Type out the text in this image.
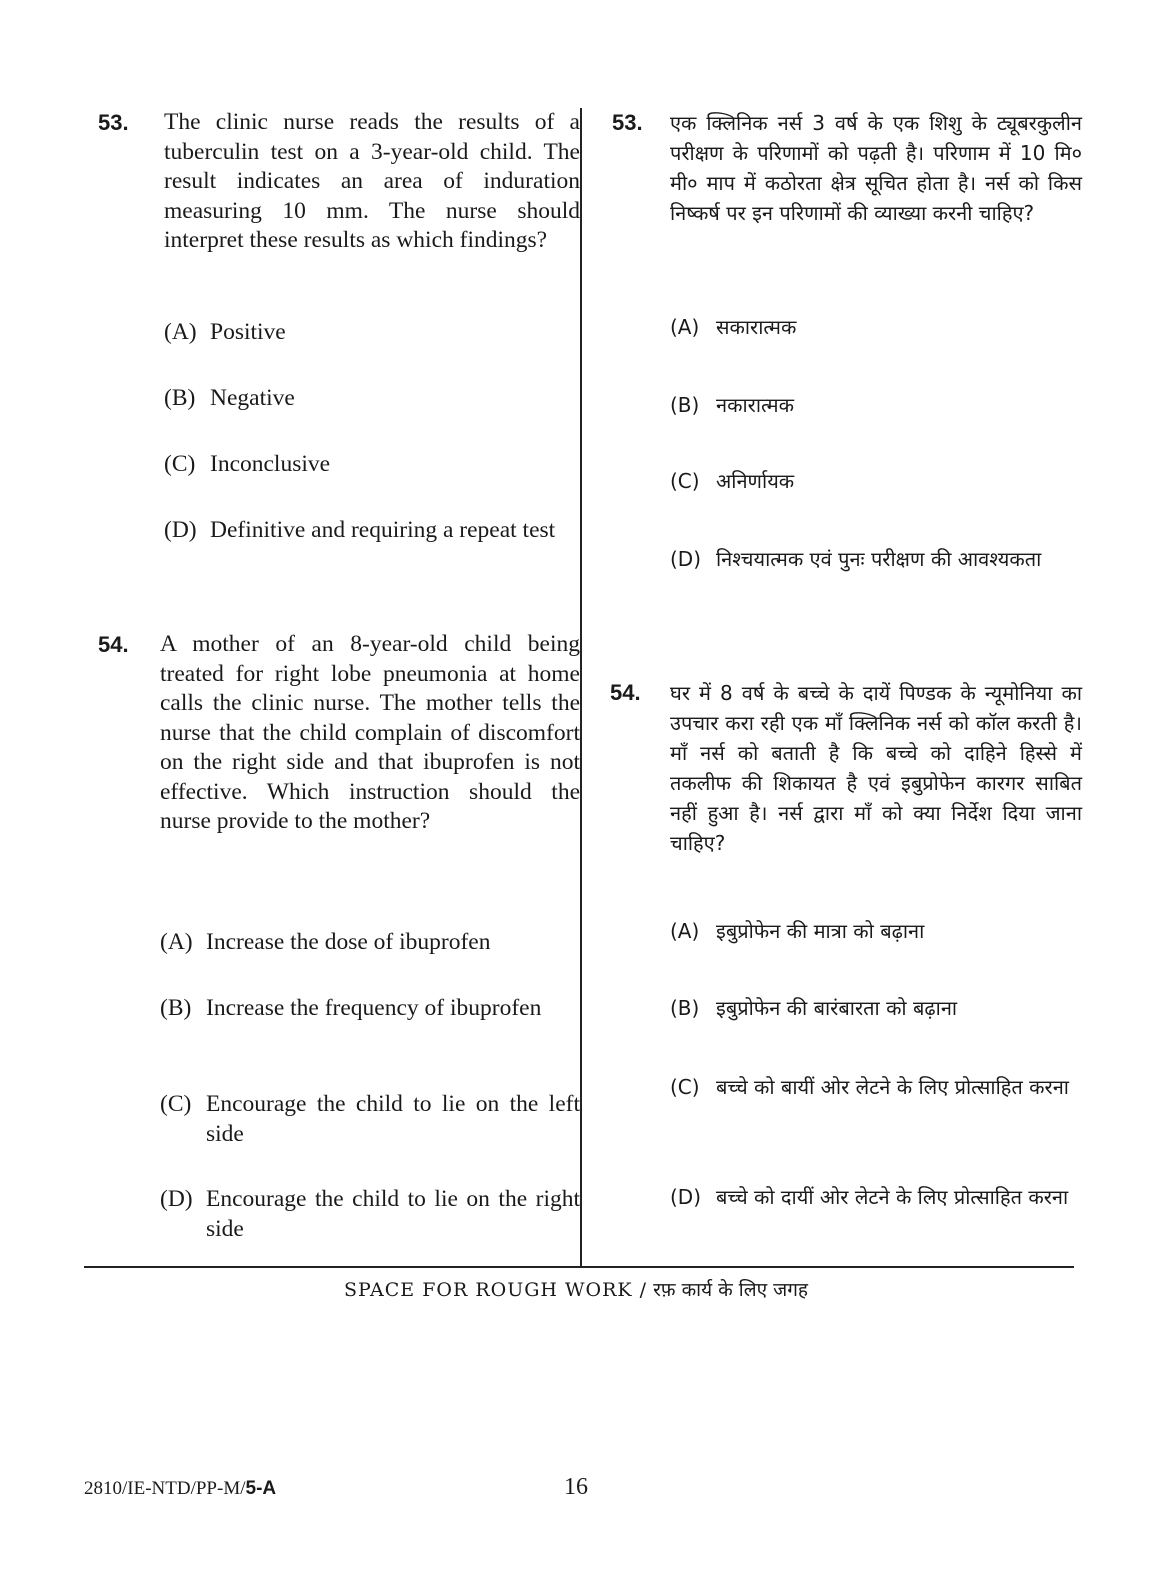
53. The clinic nurse reads the results of a tuberculin test on a 3-year-old child. The result indicates an area of induration measuring 10 mm. The nurse should interpret these results as which findings?
(A) Positive
(B) Negative
(C) Inconclusive
(D) Definitive and requiring a repeat test
54. A mother of an 8-year-old child being treated for right lobe pneumonia at home calls the clinic nurse. The mother tells the nurse that the child complain of discomfort on the right side and that ibuprofen is not effective. Which instruction should the nurse provide to the mother?
(A) Increase the dose of ibuprofen
(B) Increase the frequency of ibuprofen
(C) Encourage the child to lie on the left side
(D) Encourage the child to lie on the right side
53. एक क्लिनिक नर्स 3 वर्ष के एक शिशु के ट्यूबरकुलीन परीक्षण के परिणामों को पढ़ती है। परिणाम में 10 मि० मी० माप में कठोरता क्षेत्र सूचित होता है। नर्स को किस निष्कर्ष पर इन परिणामों की व्याख्या करनी चाहिए?
(A) सकारात्मक
(B) नकारात्मक
(C) अनिर्णायक
(D) निश्चयात्मक एवं पुनः परीक्षण की आवश्यकता
54. घर में 8 वर्ष के बच्चे के दायें पिण्डक के न्यूमोनिया का उपचार करा रही एक माँ क्लिनिक नर्स को कॉल करती है। माँ नर्स को बताती है कि बच्चे को दाहिने हिस्से में तकलीफ की शिकायत है एवं इबुप्रोफेन कारगर साबित नहीं हुआ है। नर्स द्वारा माँ को क्या निर्देश दिया जाना चाहिए?
(A) इबुप्रोफेन की मात्रा को बढ़ाना
(B) इबुप्रोफेन की बारंबारता को बढ़ाना
(C) बच्चे को बायीं ओर लेटने के लिए प्रोत्साहित करना
(D) बच्चे को दायीं ओर लेटने के लिए प्रोत्साहित करना
SPACE FOR ROUGH WORK / रफ़ कार्य के लिए जगह
2810/IE-NTD/PP-M/5-A	16
